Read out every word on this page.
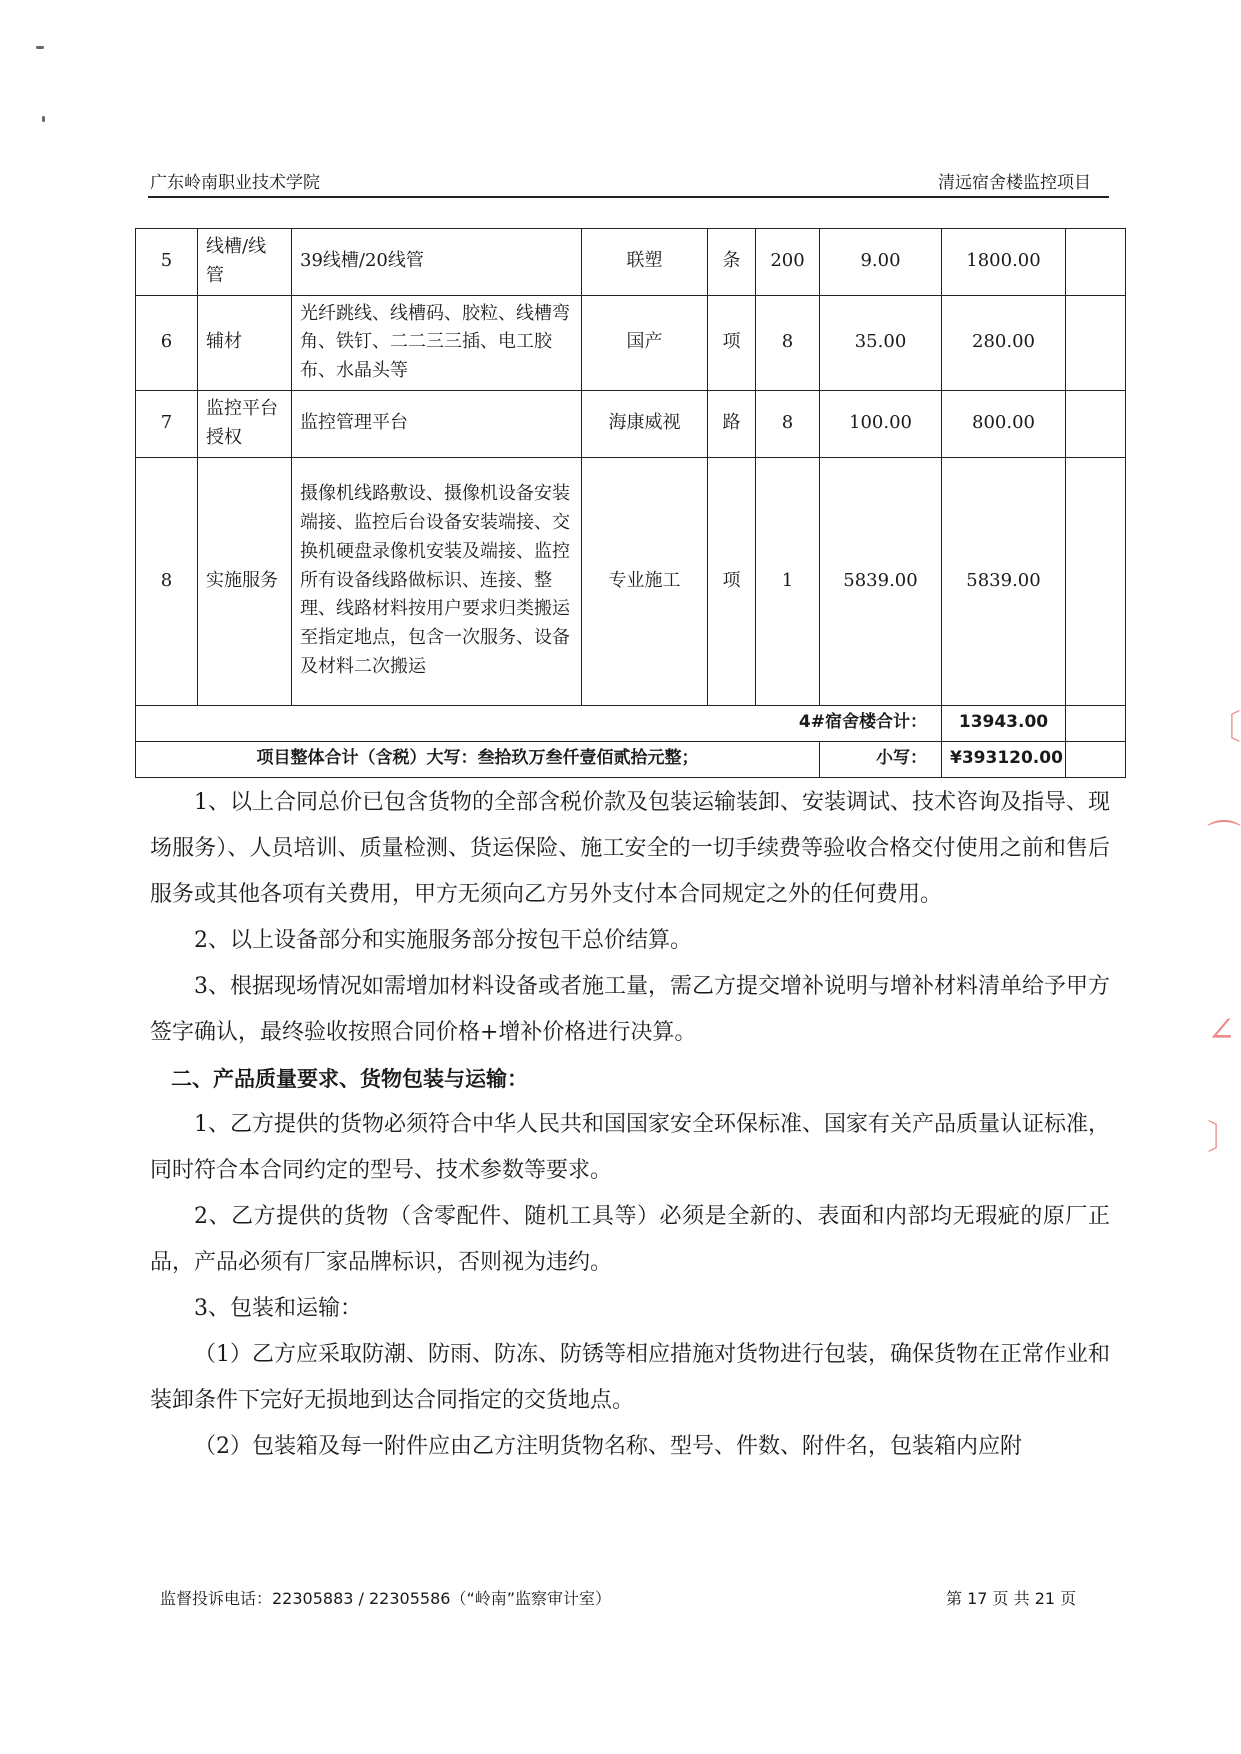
〔
⌒
∠
〕
广东岭南职业技术学院	清远宿舍楼监控项目
5	线槽/线管	39线槽/20线管	联塑	条	200	9.00	1800.00	
6	辅材	光纤跳线、线槽码、胶粒、线槽弯角、铁钉、二二三三插、电工胶布、水晶头等	国产	项	8	35.00	280.00	
7	监控平台授权	监控管理平台	海康威视	路	8	100.00	800.00	
8	实施服务	摄像机线路敷设、摄像机设备安装端接、监控后台设备安装端接、交换机硬盘录像机安装及端接、监控所有设备线路做标识、连接、整理、线路材料按用户要求归类搬运至指定地点，包含一次服务、设备及材料二次搬运	专业施工	项	1	5839.00	5839.00	
4#宿舍楼合计：							13943.00	
项目整体合计（含税）大写：叁拾玖万叁仟壹佰贰拾元整；						小写：	¥393120.00	

1、以上合同总价已包含货物的全部含税价款及包装运输装卸、安装调试、技术咨询及指导、现场服务）、人员培训、质量检测、货运保险、施工安全的一切手续费等验收合格交付使用之前和售后服务或其他各项有关费用，甲方无须向乙方另外支付本合同规定之外的任何费用。

2、以上设备部分和实施服务部分按包干总价结算。

3、根据现场情况如需增加材料设备或者施工量，需乙方提交增补说明与增补材料清单给予甲方签字确认，最终验收按照合同价格+增补价格进行决算。

二、产品质量要求、货物包装与运输：

1、乙方提供的货物必须符合中华人民共和国国家安全环保标准、国家有关产品质量认证标准，同时符合本合同约定的型号、技术参数等要求。

2、乙方提供的货物（含零配件、随机工具等）必须是全新的、表面和内部均无瑕疵的原厂正品，产品必须有厂家品牌标识，否则视为违约。

3、包装和运输：

（1）乙方应采取防潮、防雨、防冻、防锈等相应措施对货物进行包装，确保货物在正常作业和装卸条件下完好无损地到达合同指定的交货地点。

（2）包装箱及每一附件应由乙方注明货物名称、型号、件数、附件名，包装箱内应附

监督投诉电话：22305883 / 22305586（“岭南”监察审计室）	第 17 页 共 21 页
